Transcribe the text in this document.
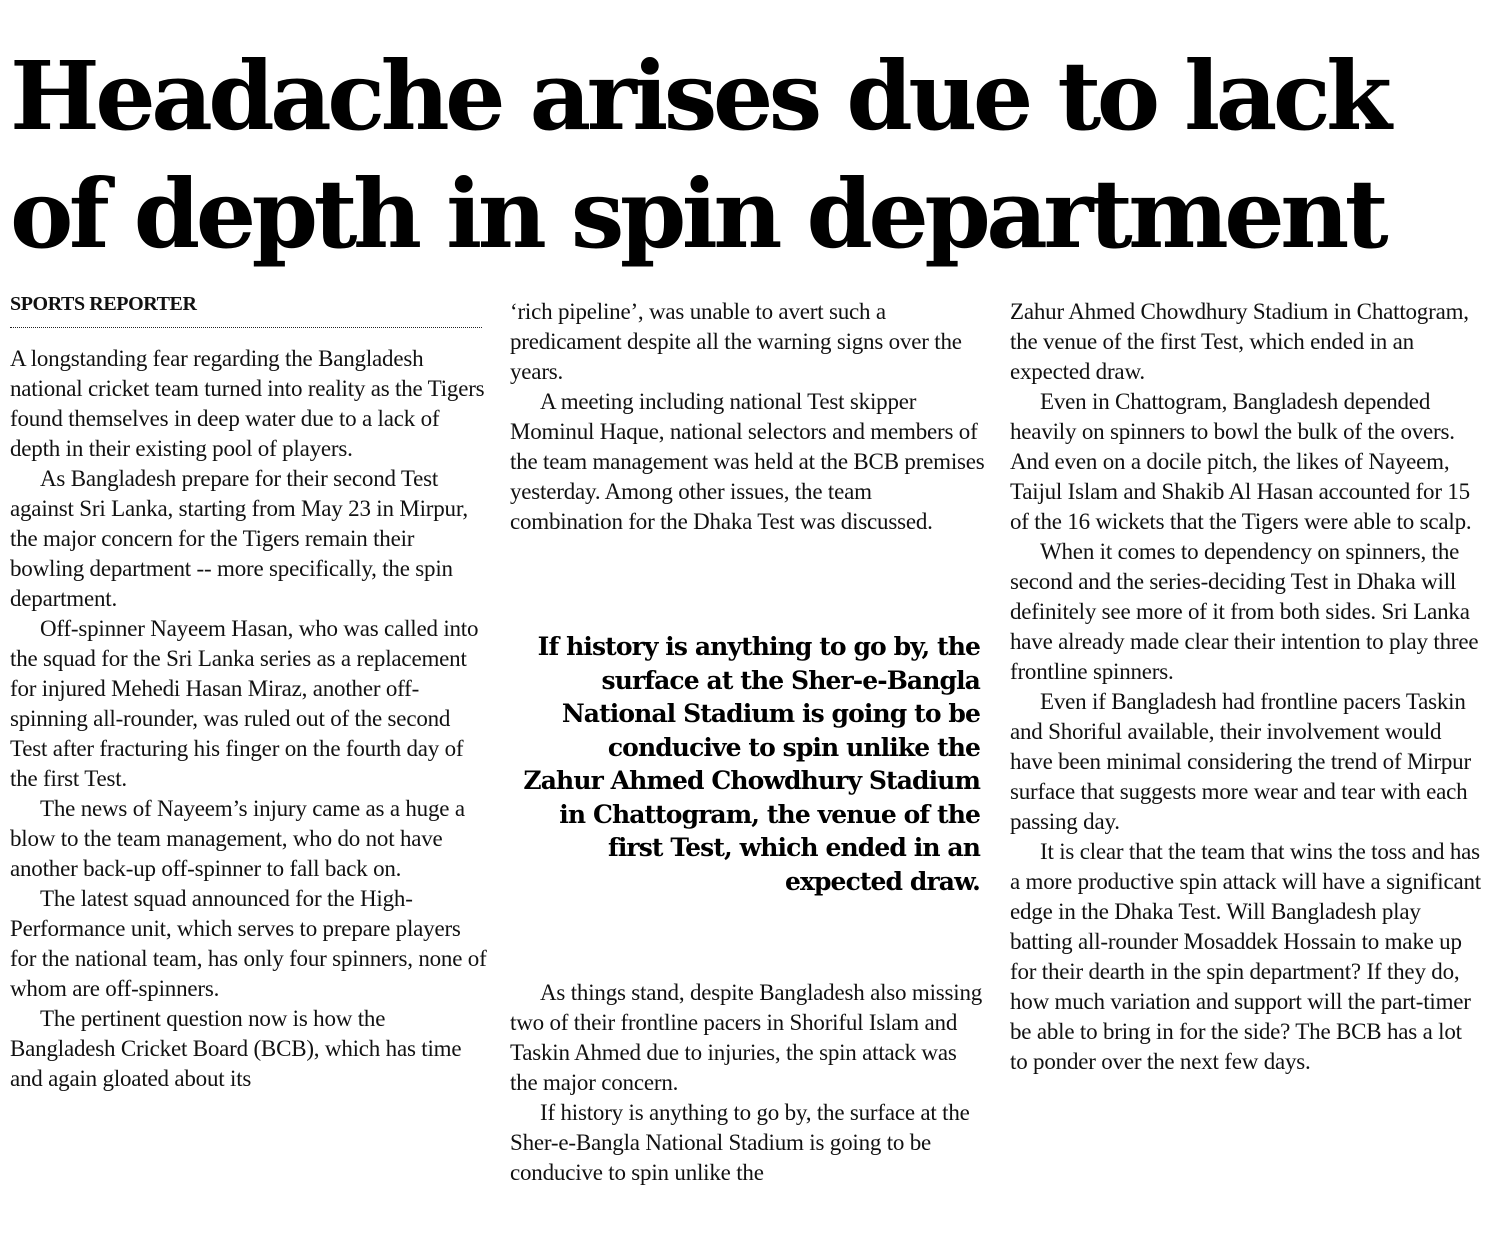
Headache arises due to lack
of depth in spin department
SPORTS REPORTER

A longstanding fear regarding the Bangladesh national cricket team turned into reality as the Tigers found themselves in deep water due to a lack of depth in their existing pool of players.

As Bangladesh prepare for their second Test against Sri Lanka, starting from May 23 in Mirpur, the major concern for the Tigers remain their bowling department -- more specifically, the spin department.

Off-spinner Nayeem Hasan, who was called into the squad for the Sri Lanka series as a replacement for injured Mehedi Hasan Miraz, another off-spinning all-rounder, was ruled out of the second Test after fracturing his finger on the fourth day of the first Test.

The news of Nayeem’s injury came as a huge a blow to the team management, who do not have another back-up off-spinner to fall back on.

The latest squad announced for the High-Performance unit, which serves to prepare players for the national team, has only four spinners, none of whom are off-spinners.

The pertinent question now is how the Bangladesh Cricket Board (BCB), which has time and again gloated about its

‘rich pipeline’, was unable to avert such a predicament despite all the warning signs over the years.

A meeting including national Test skipper Mominul Haque, national selectors and members of the team management was held at the BCB premises yesterday. Among other issues, the team combination for the Dhaka Test was discussed.

If history is anything to go by, the surface at the Sher-e-Bangla National Stadium is going to be conducive to spin unlike the Zahur Ahmed Chowdhury Stadium in Chattogram, the venue of the first Test, which ended in an expected draw.

As things stand, despite Bangladesh also missing two of their frontline pacers in Shoriful Islam and Taskin Ahmed due to injuries, the spin attack was the major concern.

If history is anything to go by, the surface at the Sher-e-Bangla National Stadium is going to be conducive to spin unlike the

Zahur Ahmed Chowdhury Stadium in Chattogram, the venue of the first Test, which ended in an expected draw.

Even in Chattogram, Bangladesh depended heavily on spinners to bowl the bulk of the overs. And even on a docile pitch, the likes of Nayeem, Taijul Islam and Shakib Al Hasan accounted for 15 of the 16 wickets that the Tigers were able to scalp.

When it comes to dependency on spinners, the second and the series-deciding Test in Dhaka will definitely see more of it from both sides. Sri Lanka have already made clear their intention to play three frontline spinners.

Even if Bangladesh had frontline pacers Taskin and Shoriful available, their involvement would have been minimal considering the trend of Mirpur surface that suggests more wear and tear with each passing day.

It is clear that the team that wins the toss and has a more productive spin attack will have a significant edge in the Dhaka Test. Will Bangladesh play batting all-rounder Mosaddek Hossain to make up for their dearth in the spin department? If they do, how much variation and support will the part-timer be able to bring in for the side? The BCB has a lot to ponder over the next few days.
